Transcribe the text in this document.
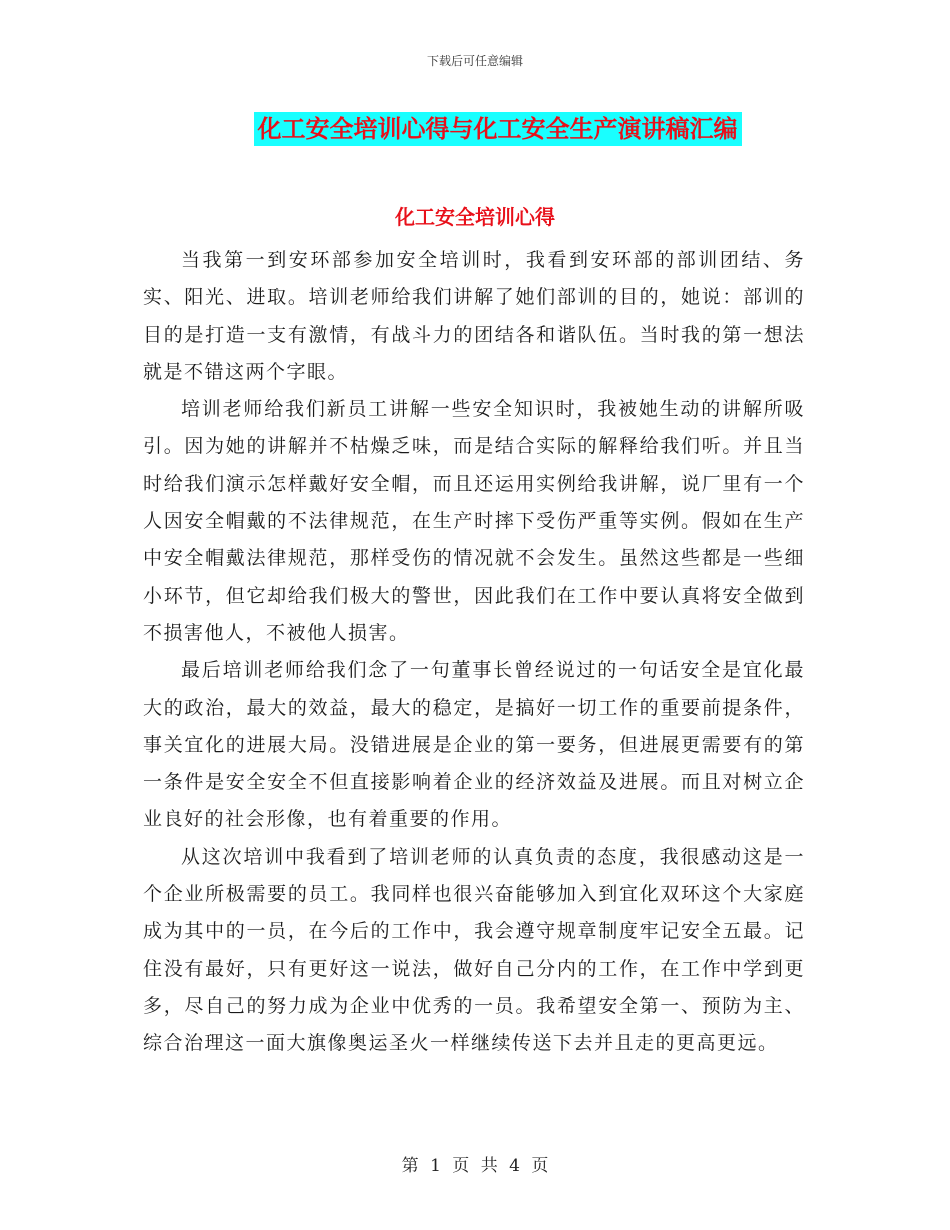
下载后可任意编辑
化工安全培训心得与化工安全生产演讲稿汇编
化工安全培训心得

当我第一到安环部参加安全培训时，我看到安环部的部训团结、务实、阳光、进取。培训老师给我们讲解了她们部训的目的，她说：部训的目的是打造一支有激情，有战斗力的团结各和谐队伍。当时我的第一想法就是不错这两个字眼。

培训老师给我们新员工讲解一些安全知识时，我被她生动的讲解所吸引。因为她的讲解并不枯燥乏味，而是结合实际的解释给我们听。并且当时给我们演示怎样戴好安全帽，而且还运用实例给我讲解，说厂里有一个人因安全帽戴的不法律规范，在生产时摔下受伤严重等实例。假如在生产中安全帽戴法律规范，那样受伤的情况就不会发生。虽然这些都是一些细小环节，但它却给我们极大的警世，因此我们在工作中要认真将安全做到不损害他人，不被他人损害。

最后培训老师给我们念了一句董事长曾经说过的一句话安全是宜化最大的政治，最大的效益，最大的稳定，是搞好一切工作的重要前提条件，事关宜化的进展大局。没错进展是企业的第一要务，但进展更需要有的第一条件是安全安全不但直接影响着企业的经济效益及进展。而且对树立企业良好的社会形像，也有着重要的作用。

从这次培训中我看到了培训老师的认真负责的态度，我很感动这是一个企业所极需要的员工。我同样也很兴奋能够加入到宜化双环这个大家庭成为其中的一员，在今后的工作中，我会遵守规章制度牢记安全五最。记住没有最好，只有更好这一说法，做好自己分内的工作，在工作中学到更多，尽自己的努力成为企业中优秀的一员。我希望安全第一、预防为主、综合治理这一面大旗像奥运圣火一样继续传送下去并且走的更高更远。

第 1 页 共 4 页
